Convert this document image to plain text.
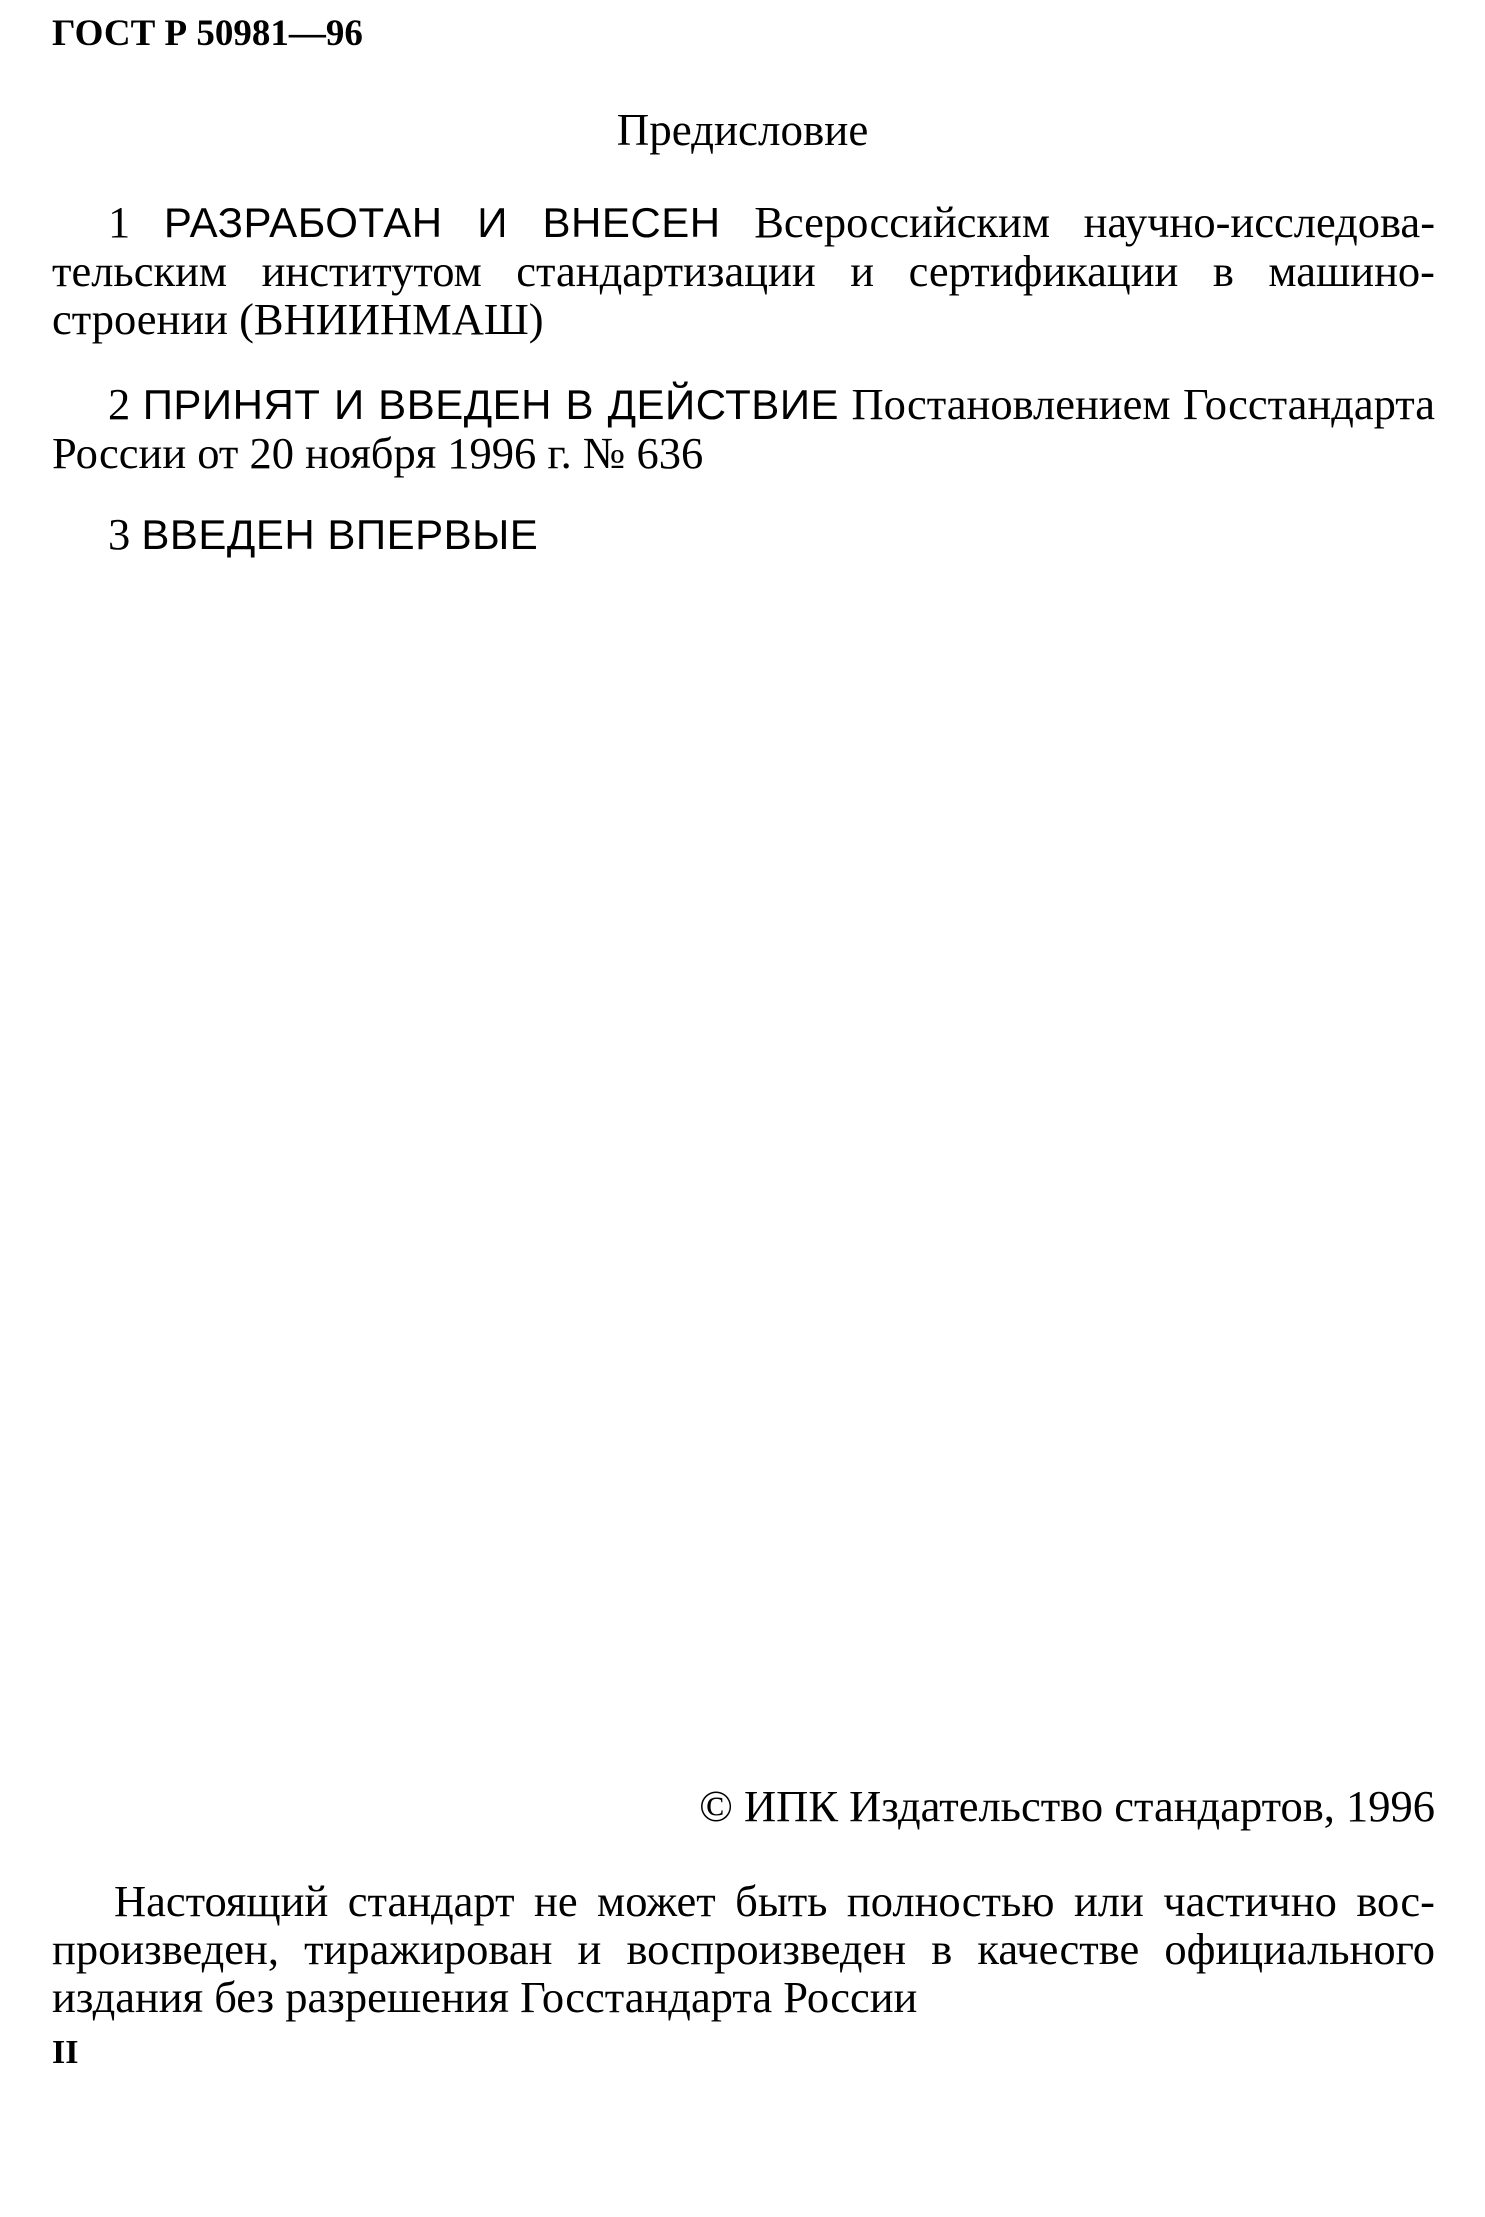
ГОСТ Р 50981—96
Предисловие

1 РАЗРАБОТАН И ВНЕСЕН Всероссийским научно-исследовательским институтом стандартизации и сертификации в машиностроении (ВНИИНМАШ)

2 ПРИНЯТ И ВВЕДЕН В ДЕЙСТВИЕ Постановлением Госстандарта России от 20 ноября 1996 г. № 636

3 ВВЕДЕН ВПЕРВЫЕ

© ИПК Издательство стандартов, 1996

Настоящий стандарт не может быть полностью или частично воспроизведен, тиражирован и воспроизведен в качестве официального издания без разрешения Госстандарта России

II
